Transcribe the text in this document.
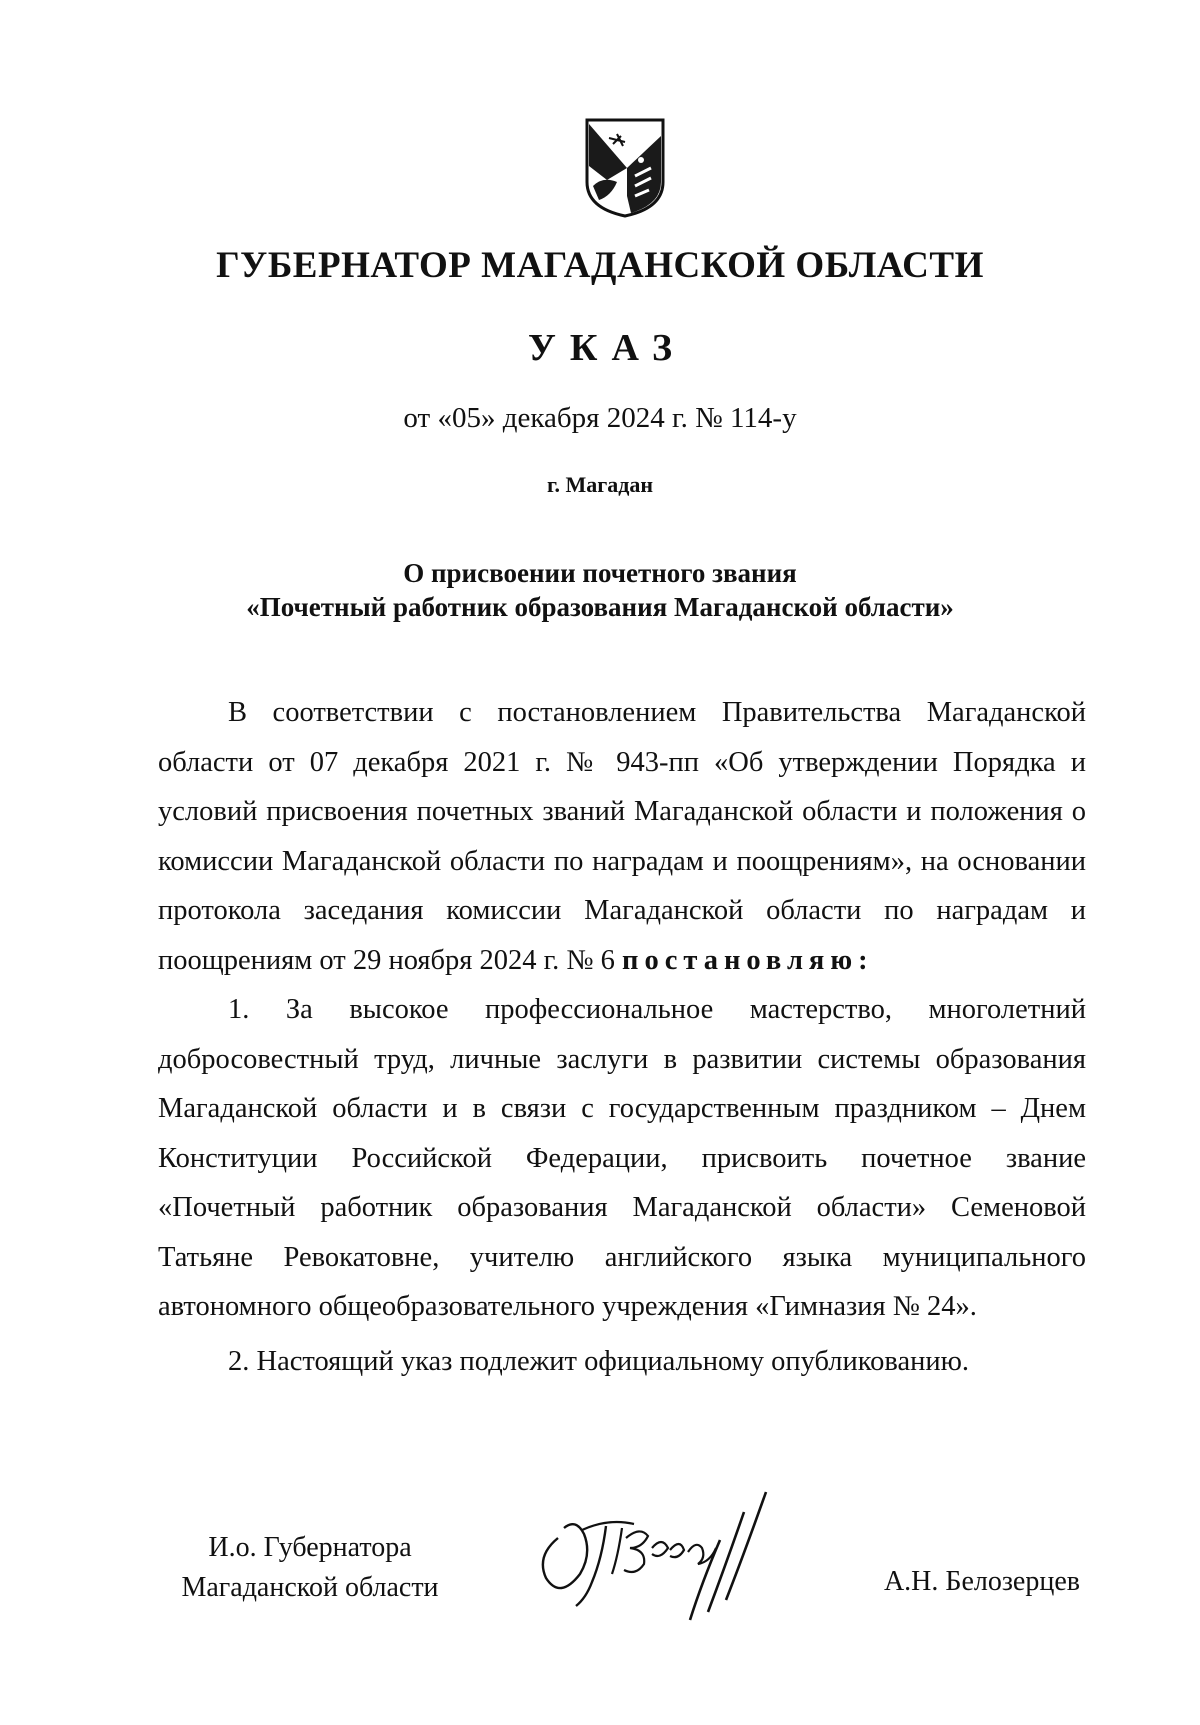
ГУБЕРНАТОР МАГАДАНСКОЙ ОБЛАСТИ
УКАЗ
от «05» декабря 2024 г. № 114-у
г. Магадан
О присвоении почетного звания
«Почетный работник образования Магаданской области»

В соответствии с постановлением Правительства Магаданской области от 07 декабря 2021 г. № 943-пп «Об утверждении Порядка и условий присвоения почетных званий Магаданской области и положения о комиссии Магаданской области по наградам и поощрениям», на основании протокола заседания комиссии Магаданской области по наградам и поощрениям от 29 ноября 2024 г. № 6 постановляю:

1. За высокое профессиональное мастерство, многолетний добросовестный труд, личные заслуги в развитии системы образования Магаданской области и в связи с государственным праздником – Днем Конституции Российской Федерации, присвоить почетное звание «Почетный работник образования Магаданской области» Семеновой Татьяне Ревокатовне, учителю английского языка муниципального автономного общеобразовательного учреждения «Гимназия № 24».

2. Настоящий указ подлежит официальному опубликованию.

И.о. Губернатора
Магаданской области	А.Н. Белозерцев
